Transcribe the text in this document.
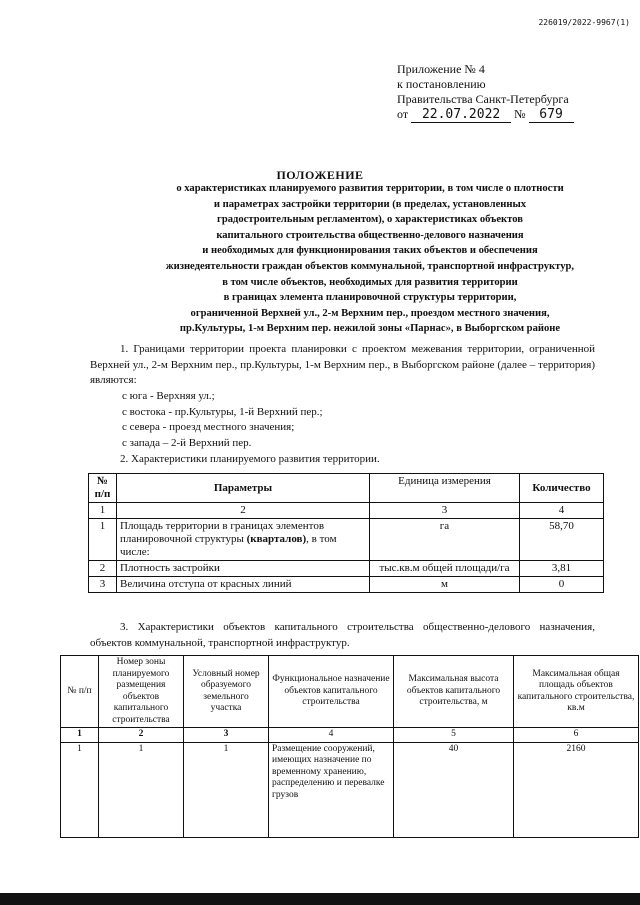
226019/2022-9967(1)
Приложение № 4
к постановлению
Правительства Санкт-Петербурга
от 22.07.2022 № 679
ПОЛОЖЕНИЕ
о характеристиках планируемого развития территории, в том числе о плотности
и параметрах застройки территории (в пределах, установленных
градостроительным регламентом), о характеристиках объектов
капитального строительства общественно-делового назначения
и необходимых для функционирования таких объектов и обеспечения
жизнедеятельности граждан объектов коммунальной, транспортной инфраструктур,
в том числе объектов, необходимых для развития территории
в границах элемента планировочной структуры территории,
ограниченной Верхней ул., 2-м Верхним пер., проездом местного значения,
пр.Культуры, 1-м Верхним пер. нежилой зоны «Парнас», в Выборгском районе

1. Границами территории проекта планировки с проектом межевания территории, ограниченной Верхней ул., 2-м Верхним пер., пр.Культуры, 1-м Верхним пер., в Выборгском районе (далее – территория) являются:

с юга - Верхняя ул.;
с востока - пр.Культуры, 1-й Верхний пер.;
с севера - проезд местного значения;
с запада – 2-й Верхний пер.

2. Характеристики планируемого развития территории.

№ п/п	Параметры	Единица измерения	Количество
1	2	3	4
1	Площадь территории в границах элементов планировочной структуры (кварталов), в том числе:	га	58,70
2	Плотность застройки	тыс.кв.м общей площади/га	3,81
3	Величина отступа от красных линий	м	0

3. Характеристики объектов капитального строительства общественно-делового назначения, объектов коммунальной, транспортной инфраструктур.

№ п/п	Номер зоны планируемого размещения объектов капитального строительства	Условный номер образуемого земельного участка	Функциональное назначение объектов капитального строительства	Максимальная высота объектов капитального строительства, м	Максимальная общая площадь объектов капитального строительства, кв.м
1	2	3	4	5	6
1	1	1	Размещение сооружений, имеющих назначение по временному хранению, распределению и перевалке грузов	40	2160
